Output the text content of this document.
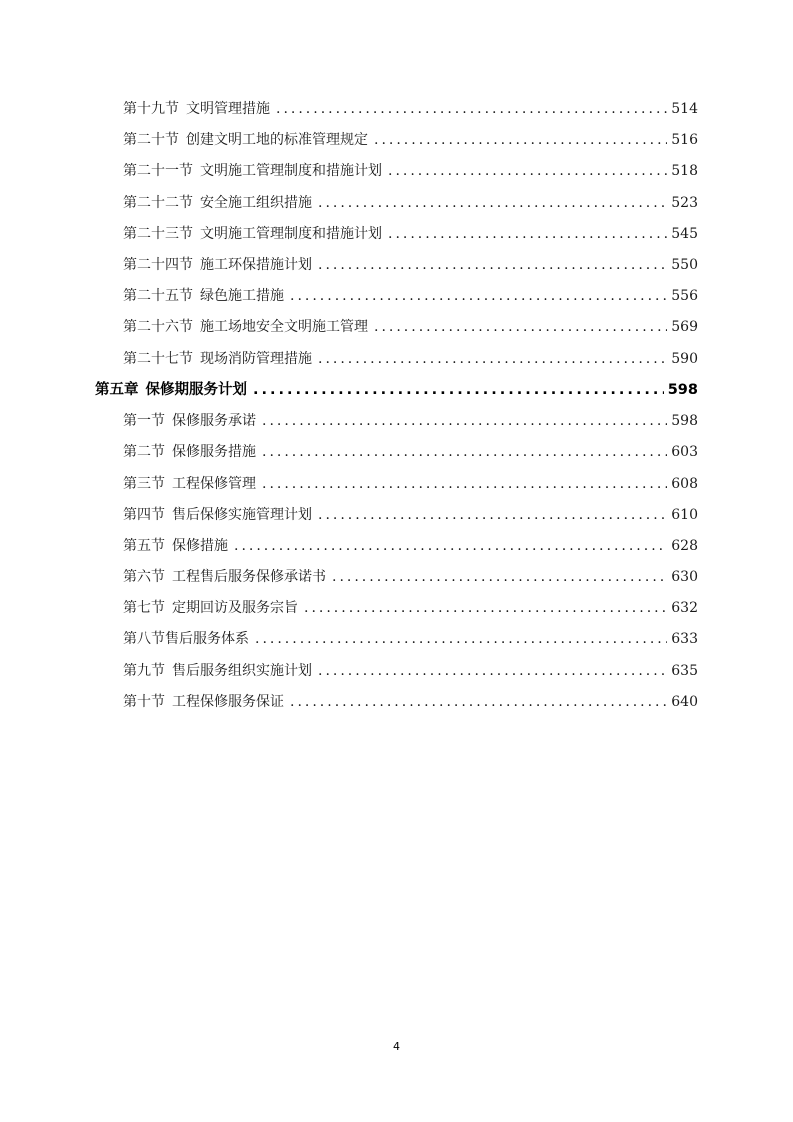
第十九节 文明管理措施 .....	514
第二十节 创建文明工地的标准管理规定 .....	516
第二十一节 文明施工管理制度和措施计划 .....	518
第二十二节 安全施工组织措施 .....	523
第二十三节 文明施工管理制度和措施计划 .....	545
第二十四节 施工环保措施计划 .....	550
第二十五节 绿色施工措施 .....	556
第二十六节 施工场地安全文明施工管理 .....	569
第二十七节 现场消防管理措施 .....	590
第五章 保修期服务计划 .....	598
第一节 保修服务承诺 .....	598
第二节 保修服务措施 .....	603
第三节 工程保修管理 .....	608
第四节 售后保修实施管理计划 .....	610
第五节 保修措施 .....	628
第六节 工程售后服务保修承诺书 .....	630
第七节 定期回访及服务宗旨 .....	632
第八节售后服务体系 .....	633
第九节 售后服务组织实施计划 .....	635
第十节 工程保修服务保证 .....	640
4
